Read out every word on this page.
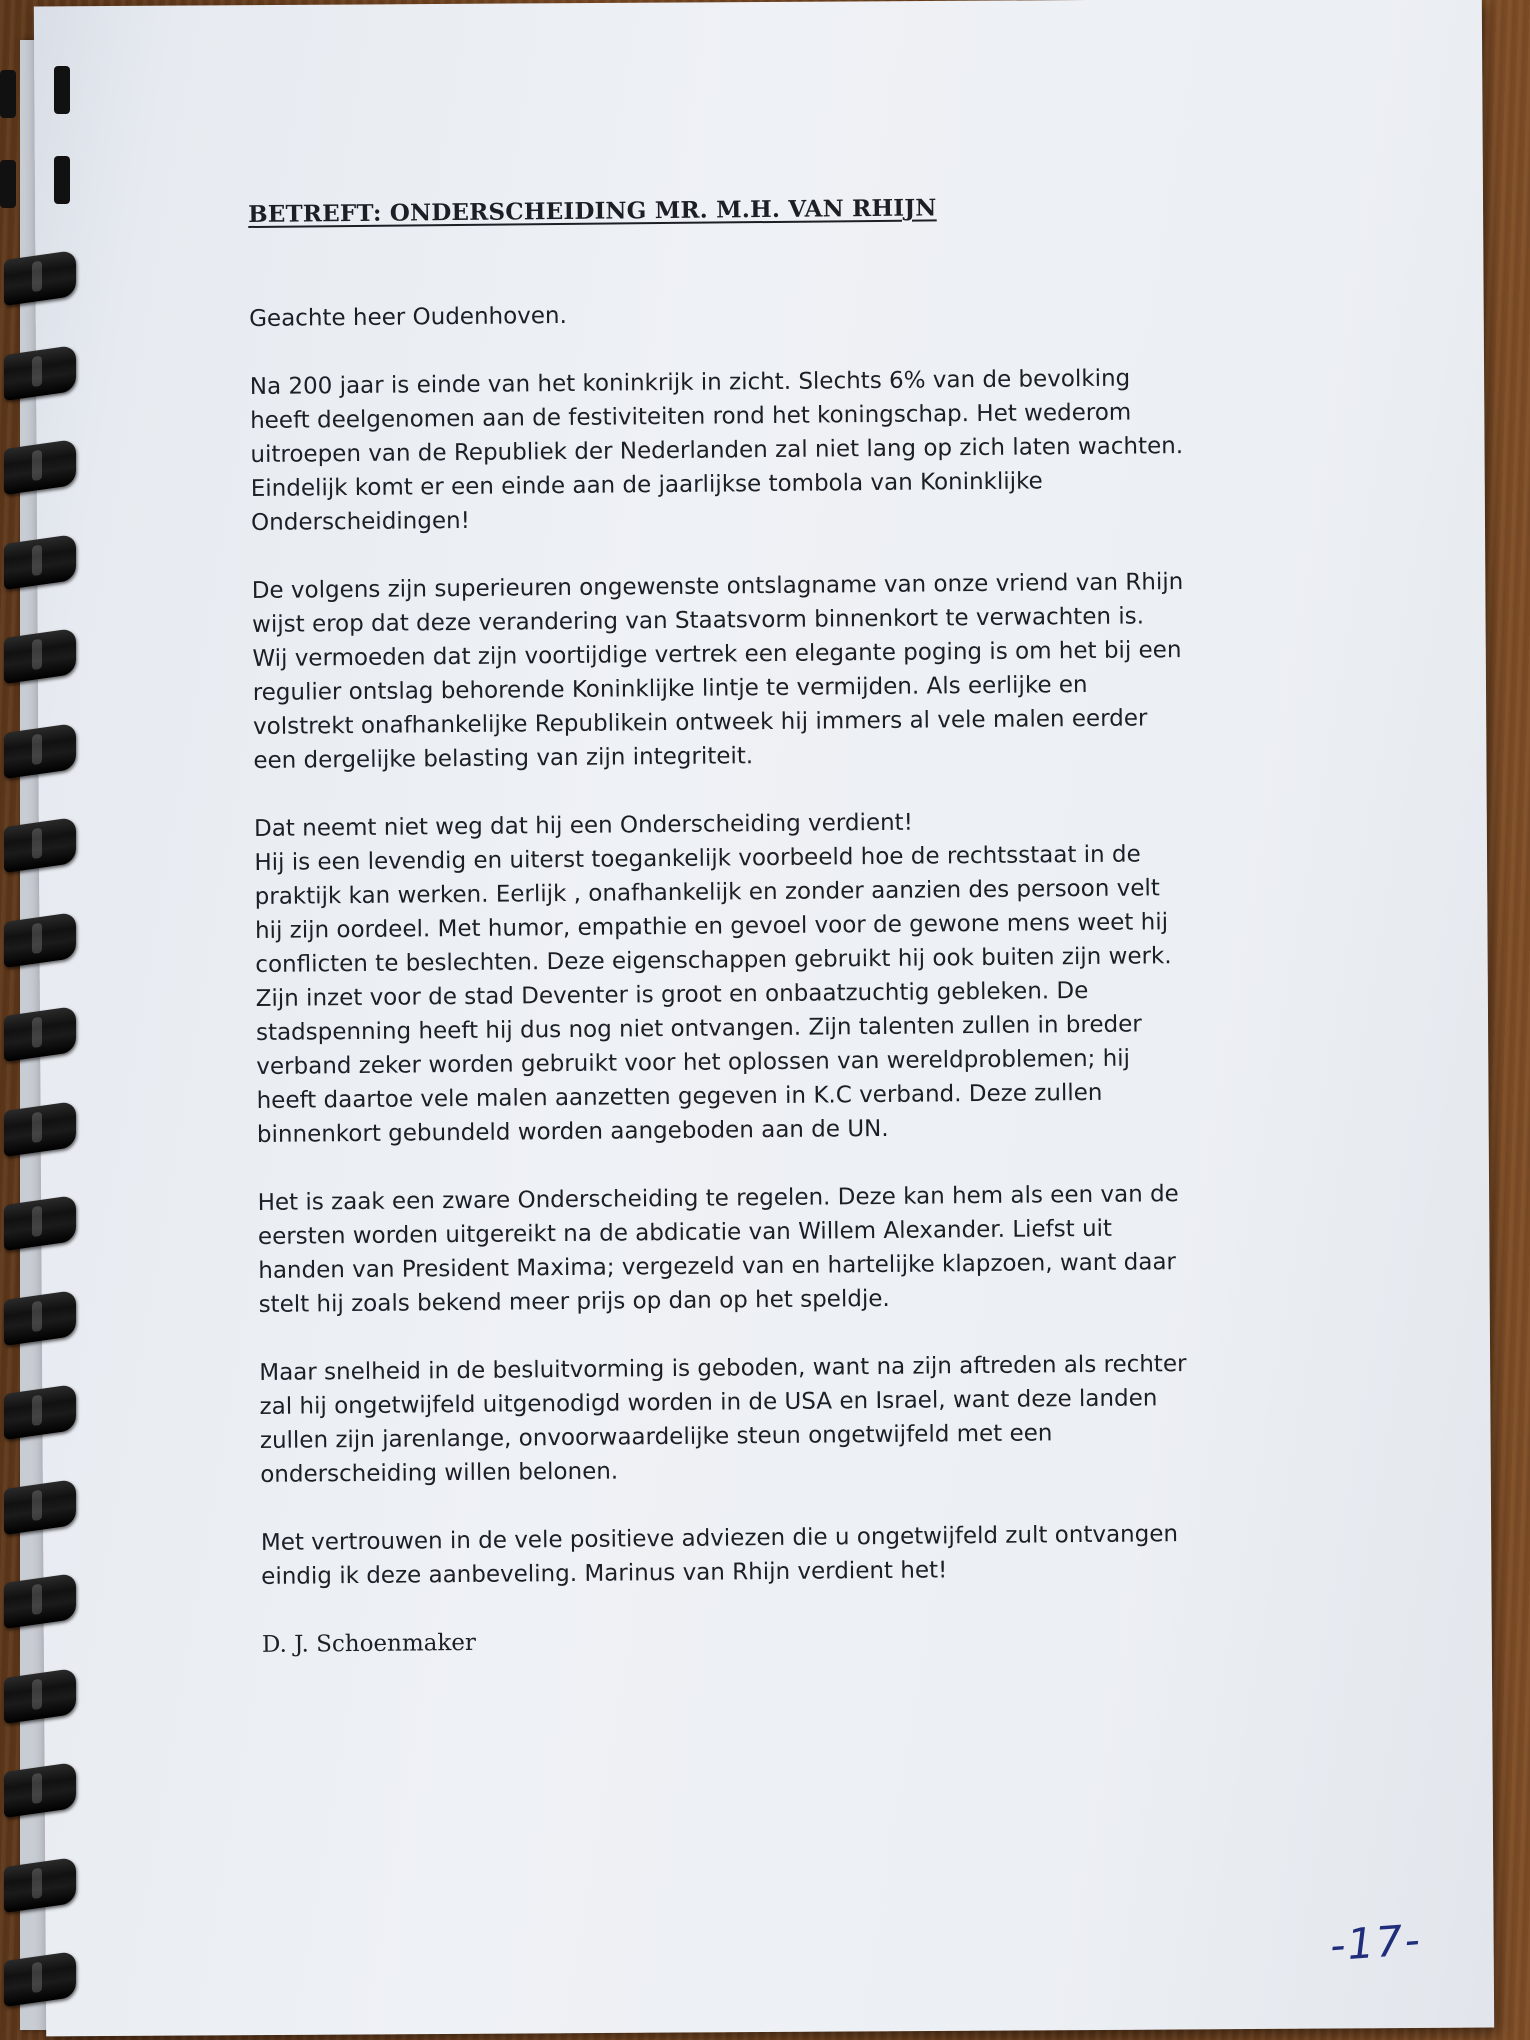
BETREFT: ONDERSCHEIDING MR. M.H. VAN RHIJN
Geachte heer Oudenhoven.
Na 200 jaar is einde van het koninkrijk in zicht. Slechts 6% van de bevolking
heeft deelgenomen aan de festiviteiten rond het koningschap. Het wederom
uitroepen van de Republiek der Nederlanden zal niet lang op zich laten wachten.
Eindelijk komt er een einde aan de jaarlijkse tombola van Koninklijke
Onderscheidingen!
De volgens zijn superieuren ongewenste ontslagname van onze vriend van Rhijn
wijst erop dat deze verandering van Staatsvorm binnenkort te verwachten is.
Wij vermoeden dat zijn voortijdige vertrek een elegante poging is om het bij een
regulier ontslag behorende Koninklijke lintje te vermijden. Als eerlijke en
volstrekt onafhankelijke Republikein ontweek hij immers al vele malen eerder
een dergelijke belasting van zijn integriteit.
Dat neemt niet weg dat hij een Onderscheiding verdient!
Hij is een levendig en uiterst toegankelijk voorbeeld hoe de rechtsstaat in de
praktijk kan werken. Eerlijk , onafhankelijk en zonder aanzien des persoon velt
hij zijn oordeel. Met humor, empathie en gevoel voor de gewone mens weet hij
conflicten te beslechten. Deze eigenschappen gebruikt hij ook buiten zijn werk.
Zijn inzet voor de stad Deventer is groot en onbaatzuchtig gebleken. De
stadspenning heeft hij dus nog niet ontvangen. Zijn talenten zullen in breder
verband zeker worden gebruikt voor het oplossen van wereldproblemen; hij
heeft daartoe vele malen aanzetten gegeven in K.C verband. Deze zullen
binnenkort gebundeld worden aangeboden aan de UN.
Het is zaak een zware Onderscheiding te regelen. Deze kan hem als een van de
eersten worden uitgereikt na de abdicatie van Willem Alexander. Liefst uit
handen van President Maxima; vergezeld van en hartelijke klapzoen, want daar
stelt hij zoals bekend meer prijs op dan op het speldje.
Maar snelheid in de besluitvorming is geboden, want na zijn aftreden als rechter
zal hij ongetwijfeld uitgenodigd worden in de USA en Israel, want deze landen
zullen zijn jarenlange, onvoorwaardelijke steun ongetwijfeld met een
onderscheiding willen belonen.
Met vertrouwen in de vele positieve adviezen die u ongetwijfeld zult ontvangen
eindig ik deze aanbeveling. Marinus van Rhijn verdient het!
D. J. Schoenmaker
-17-
